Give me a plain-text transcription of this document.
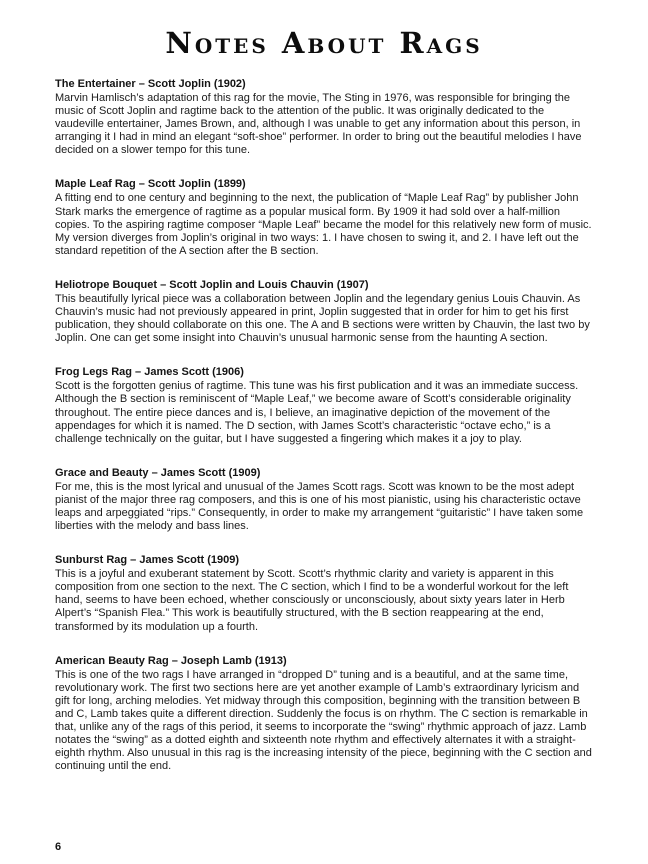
Notes About Rags
The Entertainer – Scott Joplin (1902)

Marvin Hamlisch’s adaptation of this rag for the movie, The Sting in 1976, was responsible for bringing the music of Scott Joplin and ragtime back to the attention of the public. It was originally dedicated to the vaudeville entertainer, James Brown, and, although I was unable to get any information about this person, in arranging it I had in mind an elegant “soft-shoe” performer. In order to bring out the beautiful melodies I have decided on a slower tempo for this tune.

Maple Leaf Rag – Scott Joplin (1899)

A fitting end to one century and beginning to the next, the publication of “Maple Leaf Rag” by publisher John Stark marks the emergence of ragtime as a popular musical form. By 1909 it had sold over a half-million copies. To the aspiring ragtime composer “Maple Leaf” became the model for this relatively new form of music. My version diverges from Joplin’s original in two ways: 1. I have chosen to swing it, and 2. I have left out the standard repetition of the A section after the B section.

Heliotrope Bouquet – Scott Joplin and Louis Chauvin (1907)

This beautifully lyrical piece was a collaboration between Joplin and the legendary genius Louis Chauvin. As Chauvin’s music had not previously appeared in print, Joplin suggested that in order for him to get his first publication, they should collaborate on this one. The A and B sections were written by Chauvin, the last two by Joplin. One can get some insight into Chauvin’s unusual harmonic sense from the haunting A section.

Frog Legs Rag – James Scott (1906)

Scott is the forgotten genius of ragtime. This tune was his first publication and it was an immediate success. Although the B section is reminiscent of “Maple Leaf,” we become aware of Scott’s considerable originality throughout. The entire piece dances and is, I believe, an imaginative depiction of the movement of the appendages for which it is named. The D section, with James Scott’s characteristic “octave echo,” is a challenge technically on the guitar, but I have suggested a fingering which makes it a joy to play.

Grace and Beauty – James Scott (1909)

For me, this is the most lyrical and unusual of the James Scott rags. Scott was known to be the most adept pianist of the major three rag composers, and this is one of his most pianistic, using his characteristic octave leaps and arpeggiated “rips.” Consequently, in order to make my arrangement “guitaristic” I have taken some liberties with the melody and bass lines.

Sunburst Rag – James Scott (1909)

This is a joyful and exuberant statement by Scott. Scott’s rhythmic clarity and variety is apparent in this composition from one section to the next. The C section, which I find to be a wonderful workout for the left hand, seems to have been echoed, whether consciously or unconsciously, about sixty years later in Herb Alpert’s “Spanish Flea.” This work is beautifully structured, with the B section reappearing at the end, transformed by its modulation up a fourth.

American Beauty Rag – Joseph Lamb (1913)

This is one of the two rags I have arranged in “dropped D” tuning and is a beautiful, and at the same time, revolutionary work. The first two sections here are yet another example of Lamb’s extraordinary lyricism and gift for long, arching melodies. Yet midway through this composition, beginning with the transition between B and C, Lamb takes quite a different direction. Suddenly the focus is on rhythm. The C section is remarkable in that, unlike any of the rags of this period, it seems to incorporate the “swing” rhythmic approach of jazz. Lamb notates the “swing” as a dotted eighth and sixteenth note rhythm and effectively alternates it with a straight-eighth rhythm. Also unusual in this rag is the increasing intensity of the piece, beginning with the C section and continuing until the end.

6
